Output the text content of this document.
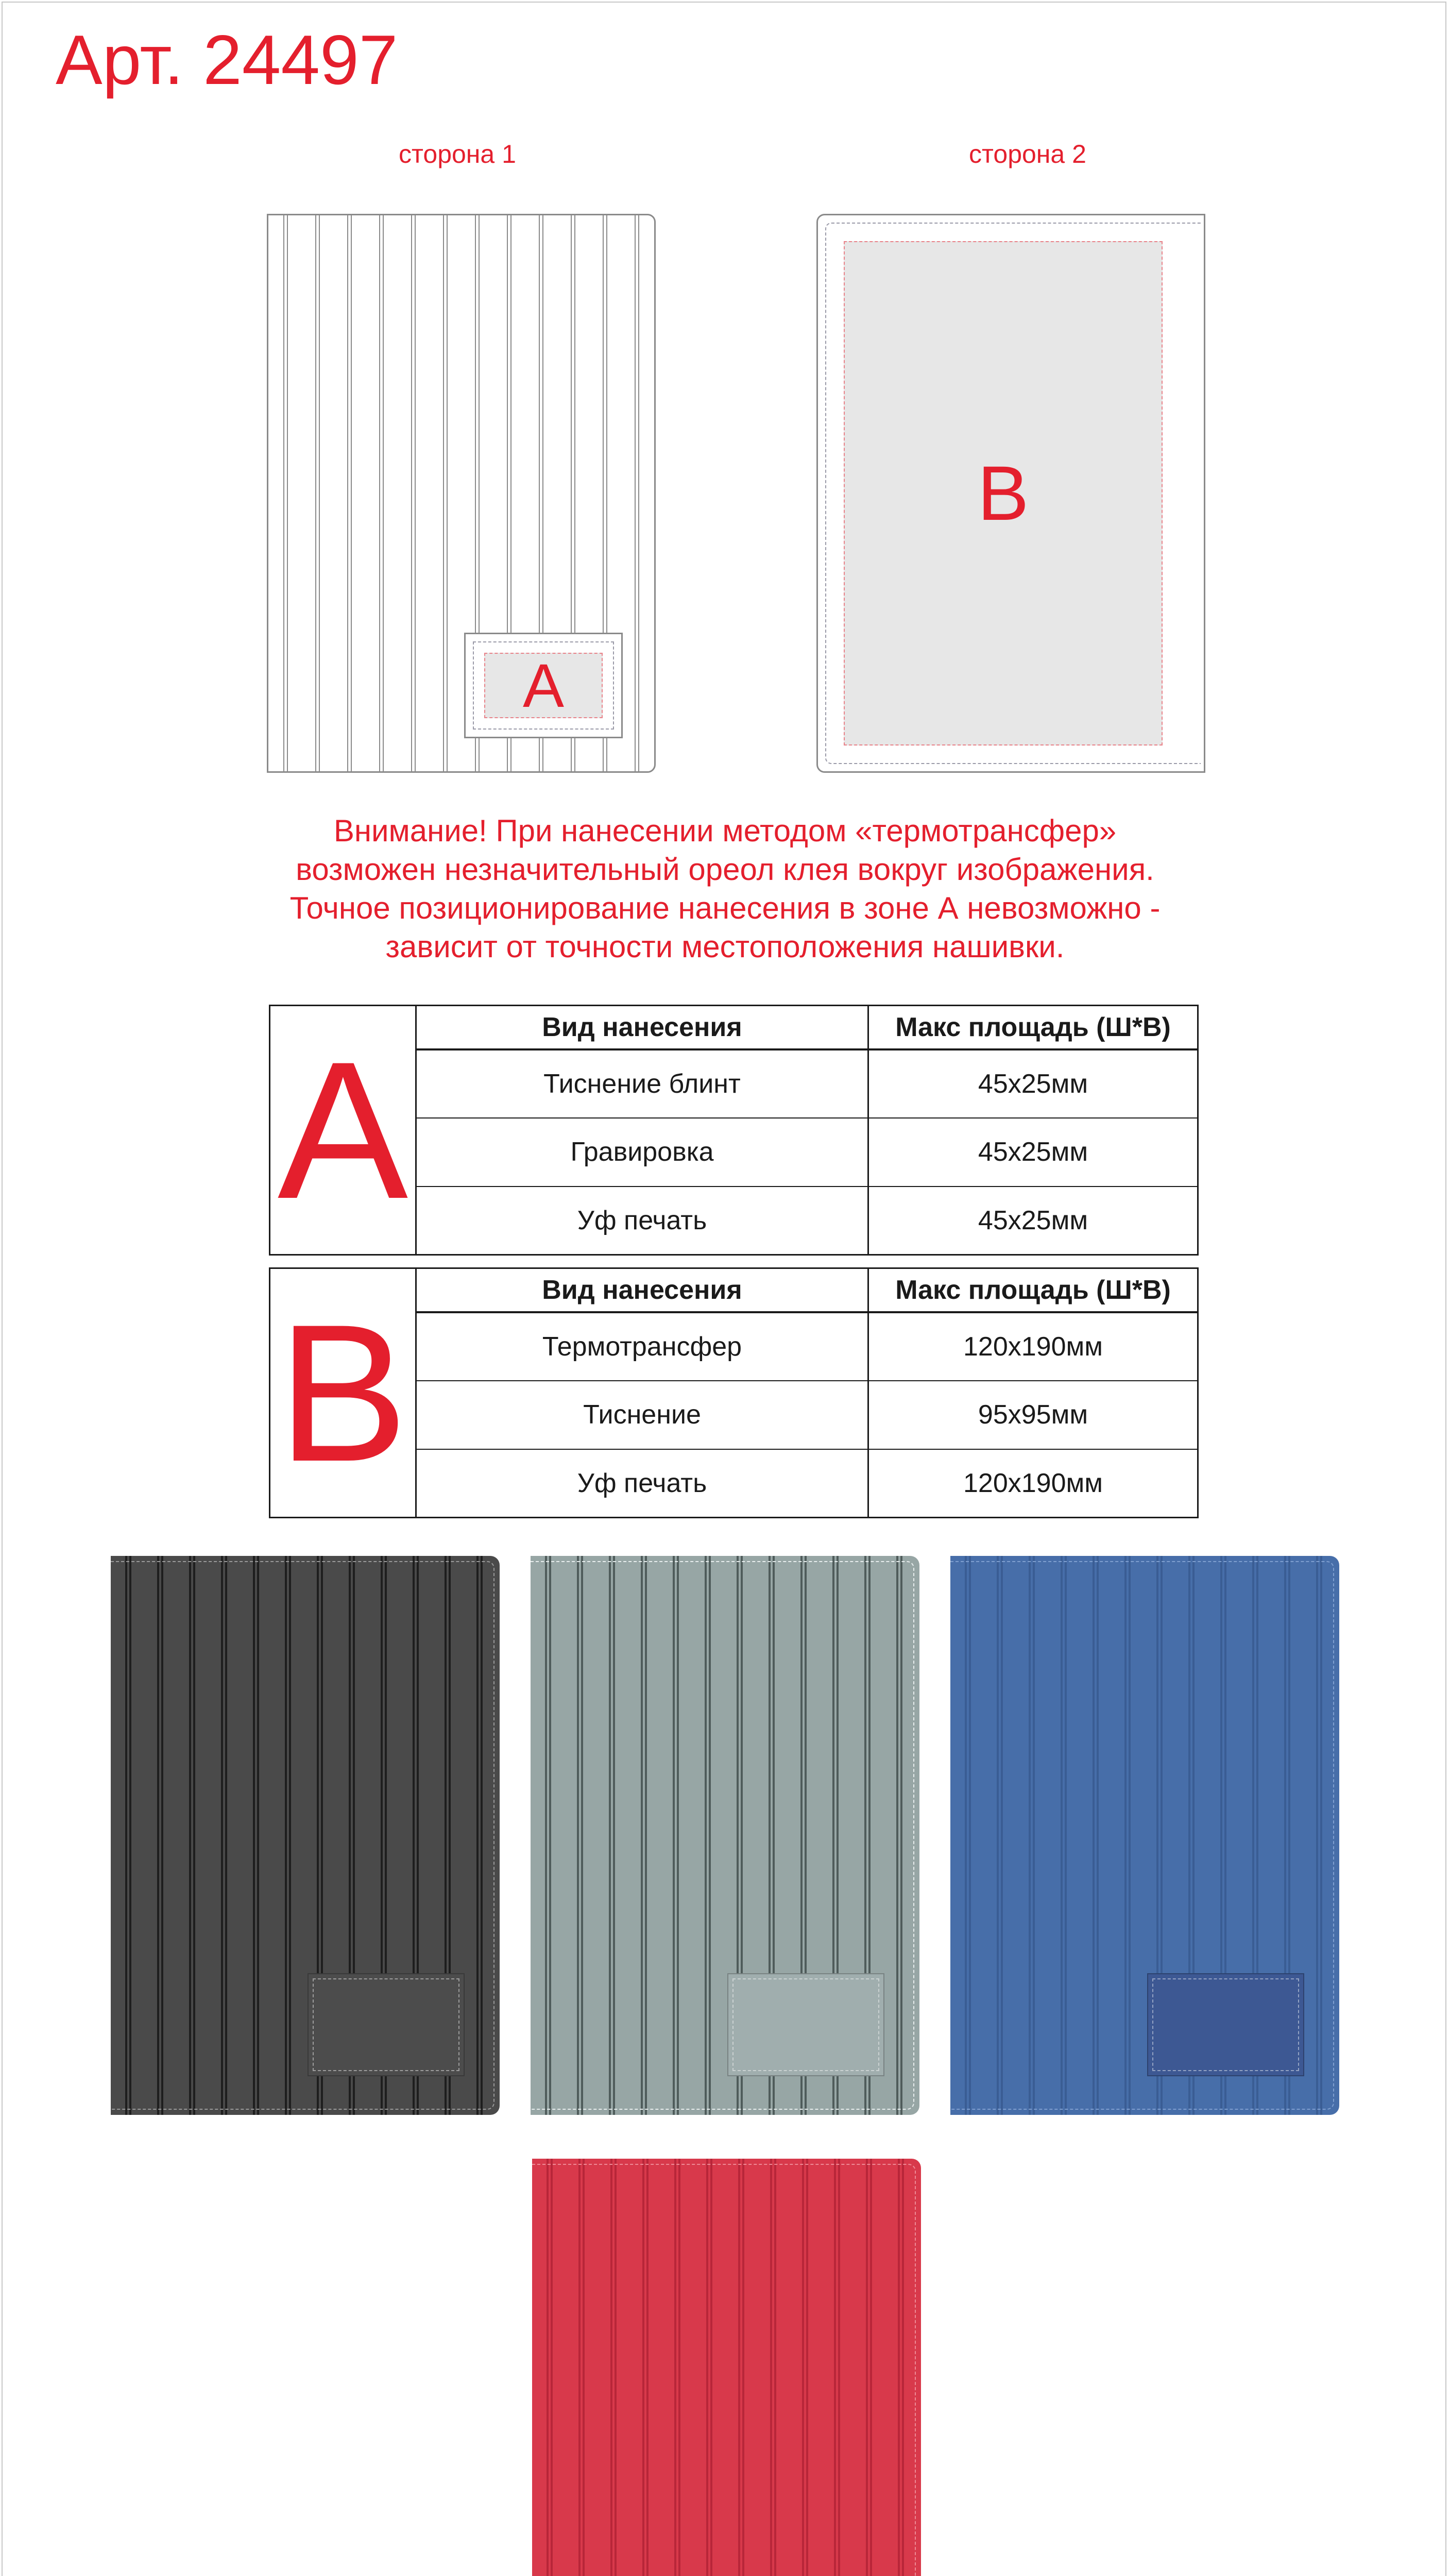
Арт. 24497
сторона 1	сторона 2
A
B
Внимание! При нанесении методом «термотрансфер»
возможен незначительный ореол клея вокруг изображения.
Точное позиционирование нанесения в зоне А невозможно -
зависит от точности местоположения нашивки.
A	Вид нанесения	Макс площадь (Ш*В)
Тиснение блинт	45x25мм
Гравировка	45x25мм
Уф печать	45x25мм
B	Вид нанесения	Макс площадь (Ш*В)
Термотрансфер	120x190мм
Тиснение	95x95мм
Уф печать	120x190мм
